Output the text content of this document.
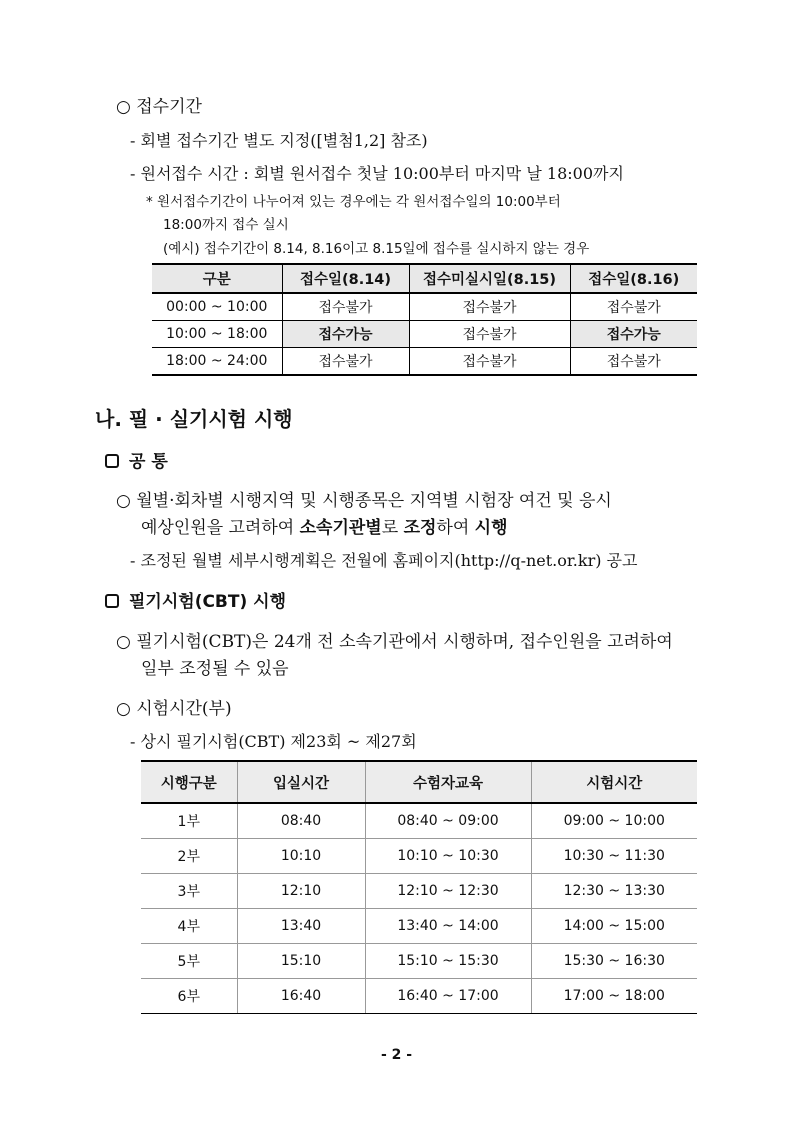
○ 접수기간
- 회별 접수기간 별도 지정([별첨1,2] 참조)
- 원서접수 시간 : 회별 원서접수 첫날 10:00부터 마지막 날 18:00까지
* 원서접수기간이 나누어져 있는 경우에는 각 원서접수일의 10:00부터
18:00까지 접수 실시
(예시) 접수기간이 8.14, 8.16이고 8.15일에 접수를 실시하지 않는 경우
구분	접수일(8.14)	접수미실시일(8.15)	접수일(8.16)
00:00 ~ 10:00	접수불가	접수불가	접수불가
10:00 ~ 18:00	접수가능	접수불가	접수가능
18:00 ~ 24:00	접수불가	접수불가	접수불가
나. 필 · 실기시험 시행
공 통
○ 월별·회차별 시행지역 및 시행종목은 지역별 시험장 여건 및 응시
예상인원을 고려하여 소속기관별로 조정하여 시행
- 조정된 월별 세부시행계획은 전월에 홈페이지(http://q-net.or.kr) 공고
필기시험(CBT) 시행
○ 필기시험(CBT)은 24개 전 소속기관에서 시행하며, 접수인원을 고려하여
일부 조정될 수 있음
○ 시험시간(부)
- 상시 필기시험(CBT) 제23회 ~ 제27회
시행구분	입실시간	수험자교육	시험시간
1부	08:40	08:40 ~ 09:00	09:00 ~ 10:00
2부	10:10	10:10 ~ 10:30	10:30 ~ 11:30
3부	12:10	12:10 ~ 12:30	12:30 ~ 13:30
4부	13:40	13:40 ~ 14:00	14:00 ~ 15:00
5부	15:10	15:10 ~ 15:30	15:30 ~ 16:30
6부	16:40	16:40 ~ 17:00	17:00 ~ 18:00
- 2 -
